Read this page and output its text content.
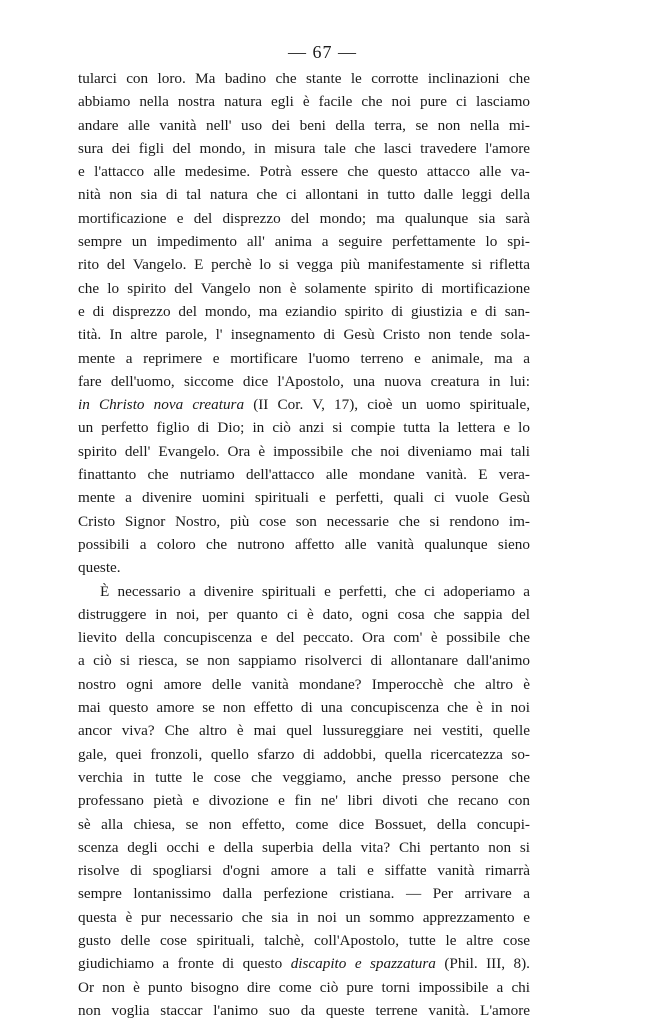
— 67 —
tularci con loro. Ma badino che stante le corrotte inclinazioni che
abbiamo nella nostra natura egli è facile che noi pure ci lasciamo
andare alle vanità nell' uso dei beni della terra, se non nella mi-
sura dei figli del mondo, in misura tale che lasci travedere l'amore
e l'attacco alle medesime. Potrà essere che questo attacco alle va-
nità non sia di tal natura che ci allontani in tutto dalle leggi della
mortificazione e del disprezzo del mondo; ma qualunque sia sarà
sempre un impedimento all' anima a seguire perfettamente lo spi-
rito del Vangelo. E perchè lo si vegga più manifestamente si rifletta
che lo spirito del Vangelo non è solamente spirito di mortificazione
e di disprezzo del mondo, ma eziandio spirito di giustizia e di san-
tità. In altre parole, l' insegnamento di Gesù Cristo non tende sola-
mente a reprimere e mortificare l'uomo terreno e animale, ma a
fare dell'uomo, siccome dice l'Apostolo, una nuova creatura in lui:
in Christo nova creatura (II Cor. V, 17), cioè un uomo spirituale,
un perfetto figlio di Dio; in ciò anzi si compie tutta la lettera e lo
spirito dell' Evangelo. Ora è impossibile che noi diveniamo mai tali
finattanto che nutriamo dell'attacco alle mondane vanità. E vera-
mente a divenire uomini spirituali e perfetti, quali ci vuole Gesù
Cristo Signor Nostro, più cose son necessarie che si rendono im-
possibili a coloro che nutrono affetto alle vanità qualunque sieno
queste.
È necessario a divenire spirituali e perfetti, che ci adoperiamo a
distruggere in noi, per quanto ci è dato, ogni cosa che sappia del
lievito della concupiscenza e del peccato. Ora com' è possibile che
a ciò si riesca, se non sappiamo risolverci di allontanare dall'animo
nostro ogni amore delle vanità mondane? Imperocchè che altro è
mai questo amore se non effetto di una concupiscenza che è in noi
ancor viva? Che altro è mai quel lussureggiare nei vestiti, quelle
gale, quei fronzoli, quello sfarzo di addobbi, quella ricercatezza so-
verchia in tutte le cose che veggiamo, anche presso persone che
professano pietà e divozione e fin ne' libri divoti che recano con
sè alla chiesa, se non effetto, come dice Bossuet, della concupi-
scenza degli occhi e della superbia della vita? Chi pertanto non si
risolve di spogliarsi d'ogni amore a tali e siffatte vanità rimarrà
sempre lontanissimo dalla perfezione cristiana. — Per arrivare a
questa è pur necessario che sia in noi un sommo apprezzamento e
gusto delle cose spirituali, talchè, coll'Apostolo, tutte le altre cose
giudichiamo a fronte di questo discapito e spazzatura (Phil. III, 8).
Or non è punto bisogno dire come ciò pure torni impossibile a chi
non voglia staccar l'animo suo da queste terrene vanità. L'amore
